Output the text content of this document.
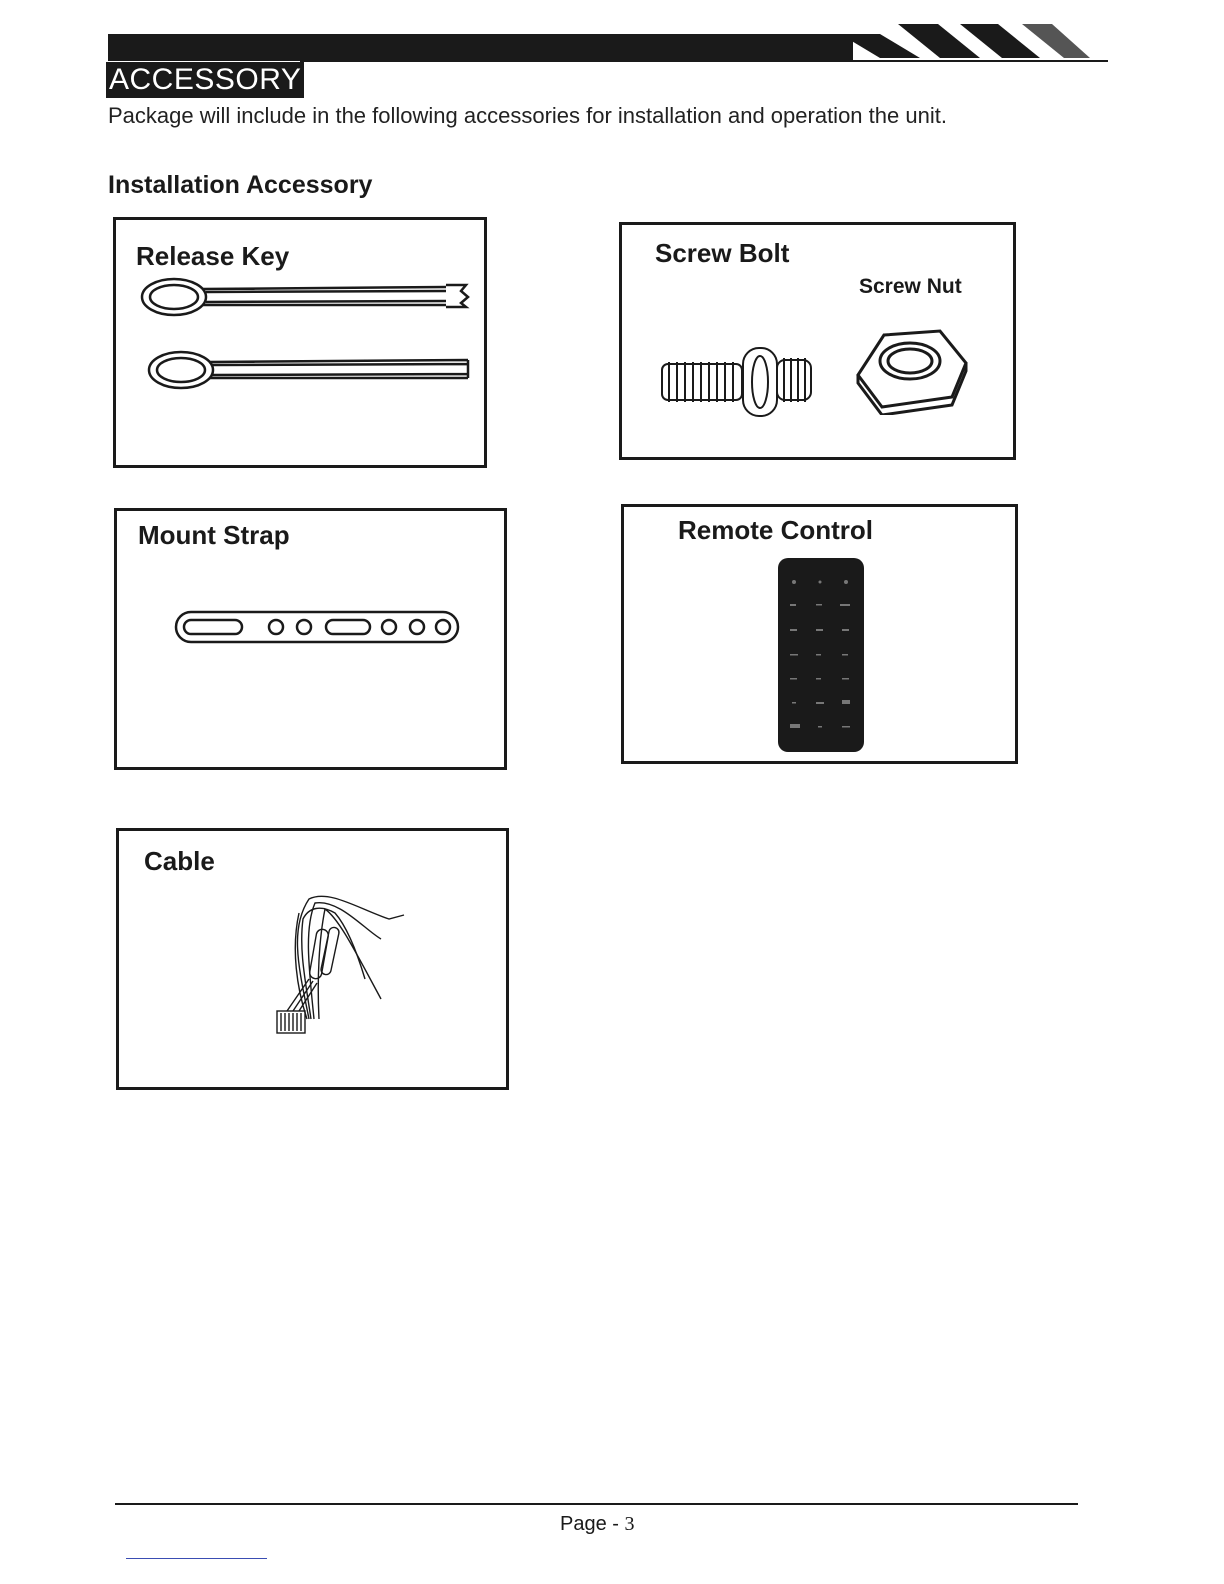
ACCESSORY
Package will include in the following accessories for installation and operation the unit.
Installation Accessory
Release Key	Screw Bolt
Screw Nut
Mount Strap	Remote Control
Cable
Page - 3
